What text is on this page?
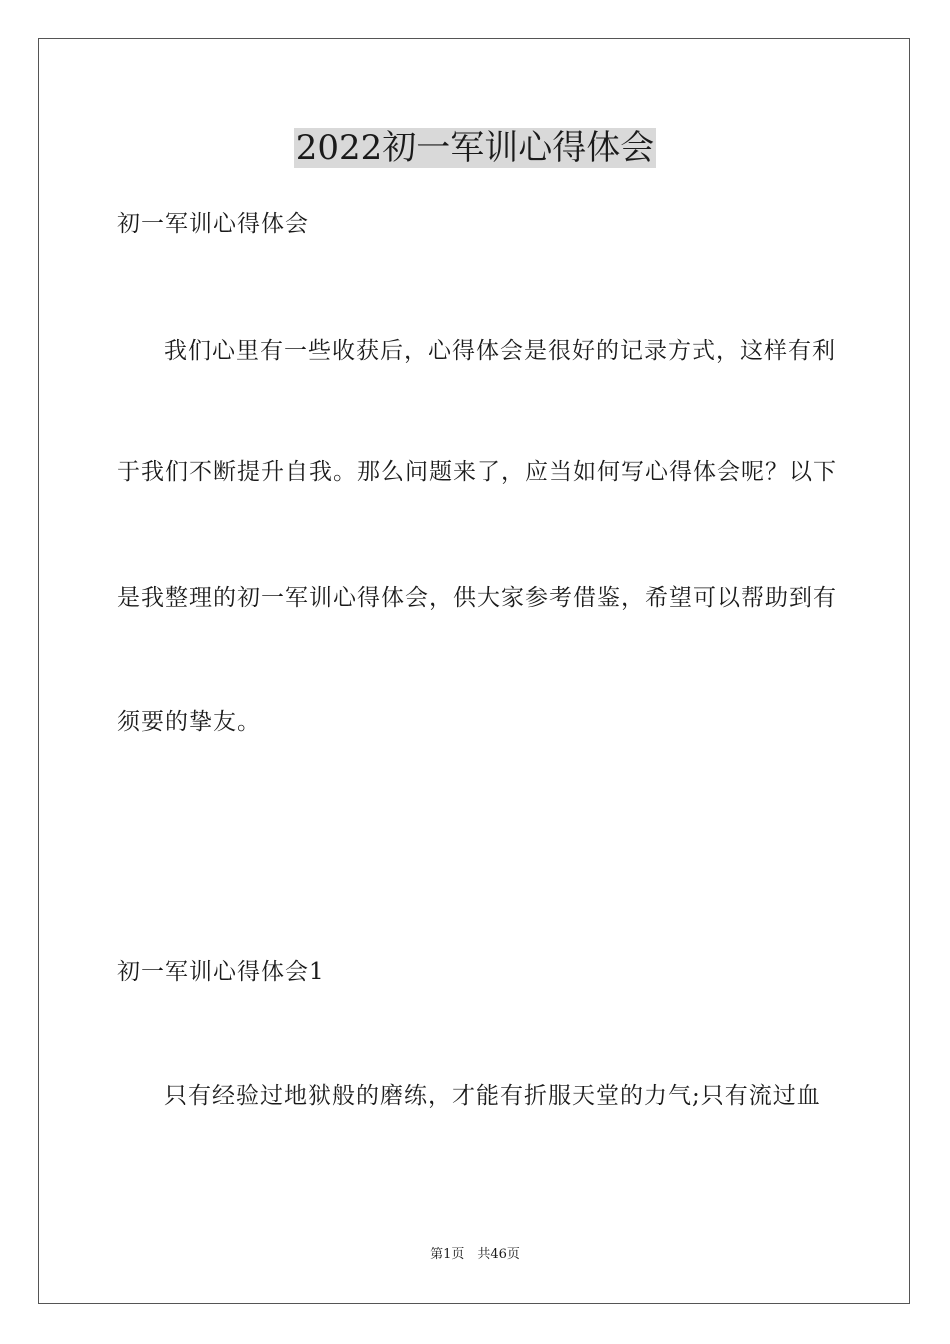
2022初一军训心得体会

初一军训心得体会

我们心里有一些收获后，心得体会是很好的记录方式，这样有利

于我们不断提升自我。那么问题来了，应当如何写心得体会呢？以下

是我整理的初一军训心得体会，供大家参考借鉴，希望可以帮助到有

须要的挚友。

初一军训心得体会1

只有经验过地狱般的磨练，才能有折服天堂的力气;只有流过血

第1页　共46页
